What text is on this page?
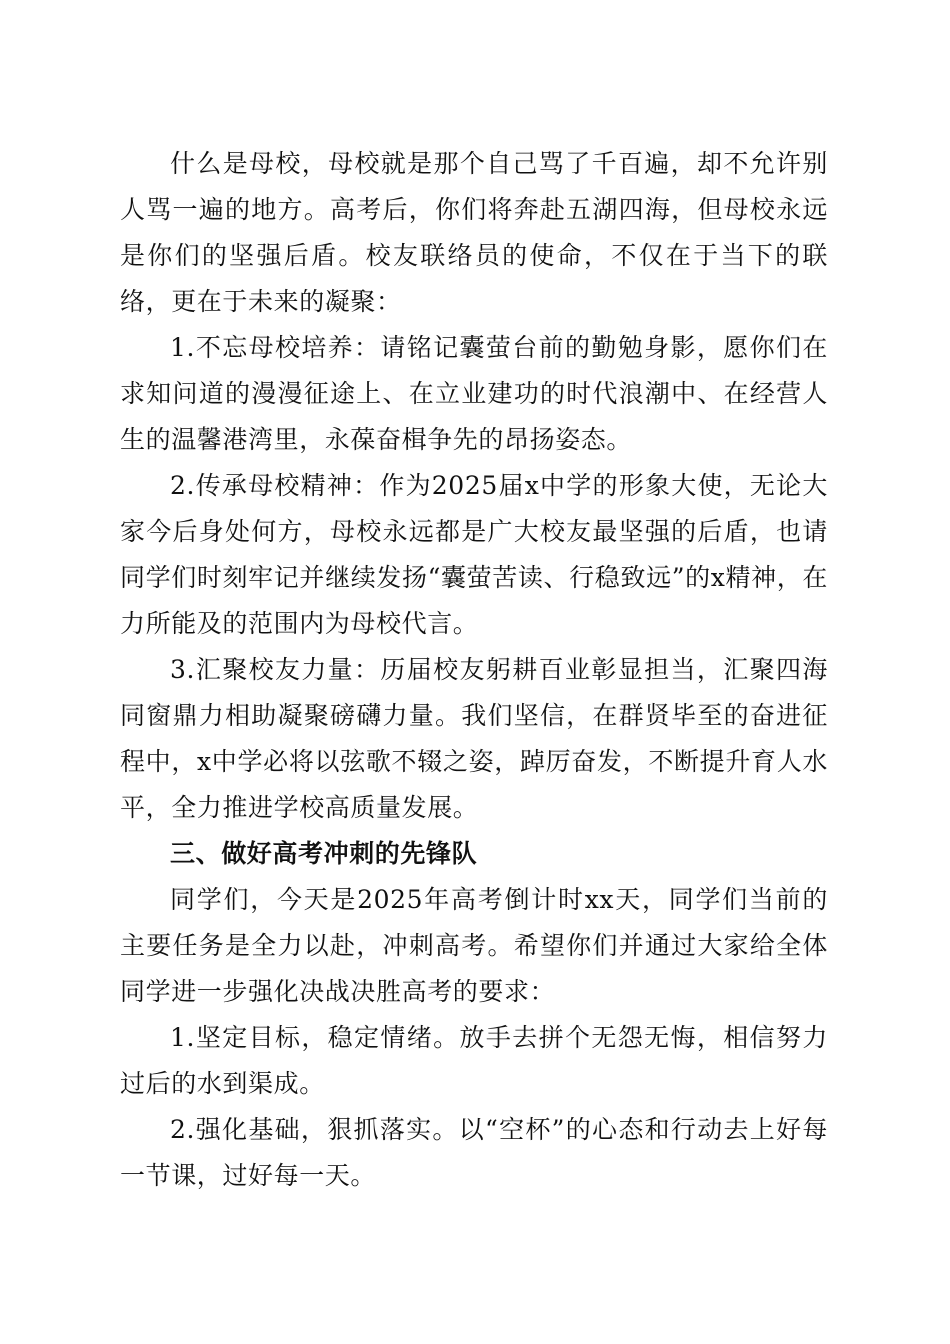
什么是母校，母校就是那个自己骂了千百遍，却不允许别人骂一遍的地方。高考后，你们将奔赴五湖四海，但母校永远是你们的坚强后盾。校友联络员的使命，不仅在于当下的联络，更在于未来的凝聚：

1.不忘母校培养：请铭记囊萤台前的勤勉身影，愿你们在求知问道的漫漫征途上、在立业建功的时代浪潮中、在经营人生的温馨港湾里，永葆奋楫争先的昂扬姿态。

2.传承母校精神：作为2025届x中学的形象大使，无论大家今后身处何方，母校永远都是广大校友最坚强的后盾，也请同学们时刻牢记并继续发扬“囊萤苦读、行稳致远”的x精神，在力所能及的范围内为母校代言。

3.汇聚校友力量：历届校友躬耕百业彰显担当，汇聚四海同窗鼎力相助凝聚磅礴力量。我们坚信，在群贤毕至的奋进征程中，x中学必将以弦歌不辍之姿，踔厉奋发，不断提升育人水平，全力推进学校高质量发展。

三、做好高考冲刺的先锋队

同学们，今天是2025年高考倒计时xx天，同学们当前的主要任务是全力以赴，冲刺高考。希望你们并通过大家给全体同学进一步强化决战决胜高考的要求：

1.坚定目标，稳定情绪。放手去拼个无怨无悔，相信努力过后的水到渠成。

2.强化基础，狠抓落实。以“空杯”的心态和行动去上好每一节课，过好每一天。
